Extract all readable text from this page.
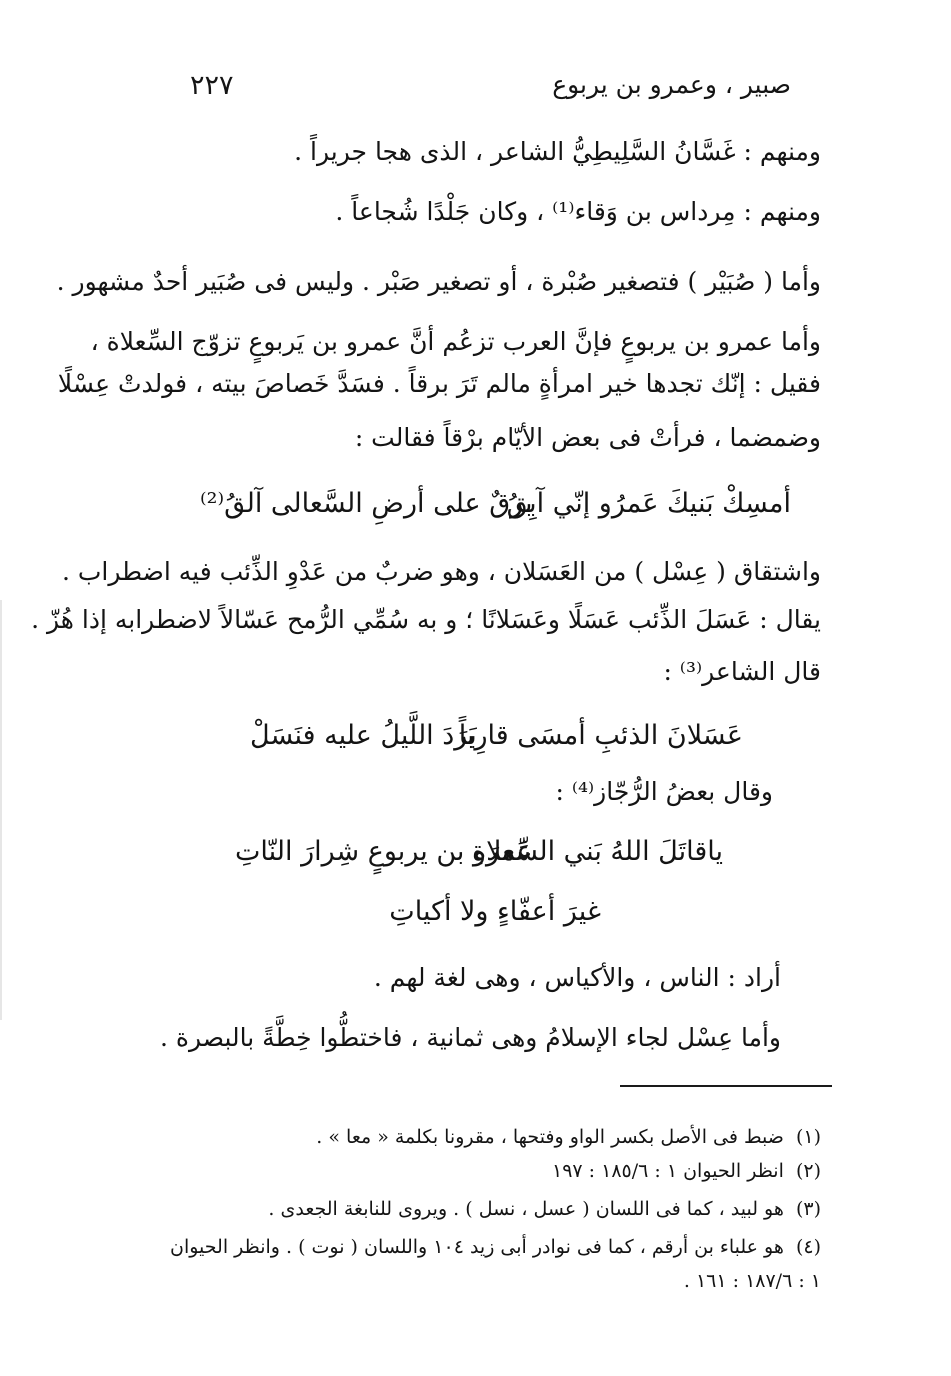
صبير ، وعمرو بن يربوع
٢٢٧
ومنهم : غَسَّانُ السَّلِيطِيُّ الشاعر ، الذى هجا جريراً .
ومنهم : مِرداس بن وَقاء⁽¹⁾ ، وكان جَلْدًا شُجاعاً .
وأما ( صُبَيْر ) فتصغير صُبْرة ، أو تصغير صَبْر . وليس فى صُبَير أحدٌ مشهور .
وأما عمرو بن يربوعٍ فإنَّ العرب تزعُم أنَّ عمرو بن يَربوعٍ تزوّج السِّعلاة ،
فقيل : إنّك تجدها خير امرأةٍ مالم تَرَ برقاً . فسَدَّ خَصاصَ بيته ، فولدتْ عِسْلًا
وضمضما ، فرأتْ فى بعض الأيّام برْقاً فقالت :
أمسِكْ بَنيكَ عَمرُو إنّي آبِقُ
برقٌ على أرضِ السَّعالى آلقُ⁽²⁾
واشتقاق ( عِسْل ) من العَسَلان ، وهو ضربٌ من عَدْوِ الذِّئب فيه اضطراب .
يقال : عَسَلَ الذِّئب عَسَلًا وعَسَلانًا ؛ و به سُمِّي الرُّمح عَسّالاً لاضطرابه إذا هُزّ .
قال الشاعر⁽³⁾ :
عَسَلانَ الذئبِ أمسَى قارِباً
بَرَدَ اللَّيلُ عليه فنَسَلْ
وقال بعضُ الرُّجّاز⁽⁴⁾ :
ياقاتَلَ اللهُ بَني السِّعلاةِ
عَمرَو بن يربوعٍ شِرارَ النّاتِ
غيرَ أعفّاءٍ ولا أكياتِ
أراد : الناس ، والأكياس ، وهى لغة لهم .
وأما عِسْل لجاء الإسلامُ وهى ثمانية ، فاختطُّوا خِطَّةً بالبصرة .
(١) ضبط فى الأصل بكسر الواو وفتحها ، مقرونا بكلمة « معا » .
(٢) انظر الحيوان ١ : ١٨٥/٦ : ١٩٧
(٣) هو لبيد ، كما فى اللسان ( عسل ، نسل ) . ويروى للنابغة الجعدى .
(٤) هو علباء بن أرقم ، كما فى نوادر أبى زيد ١٠٤ واللسان ( نوت ) . وانظر الحيوان
١ : ١٨٧/٦ : ١٦١ .
